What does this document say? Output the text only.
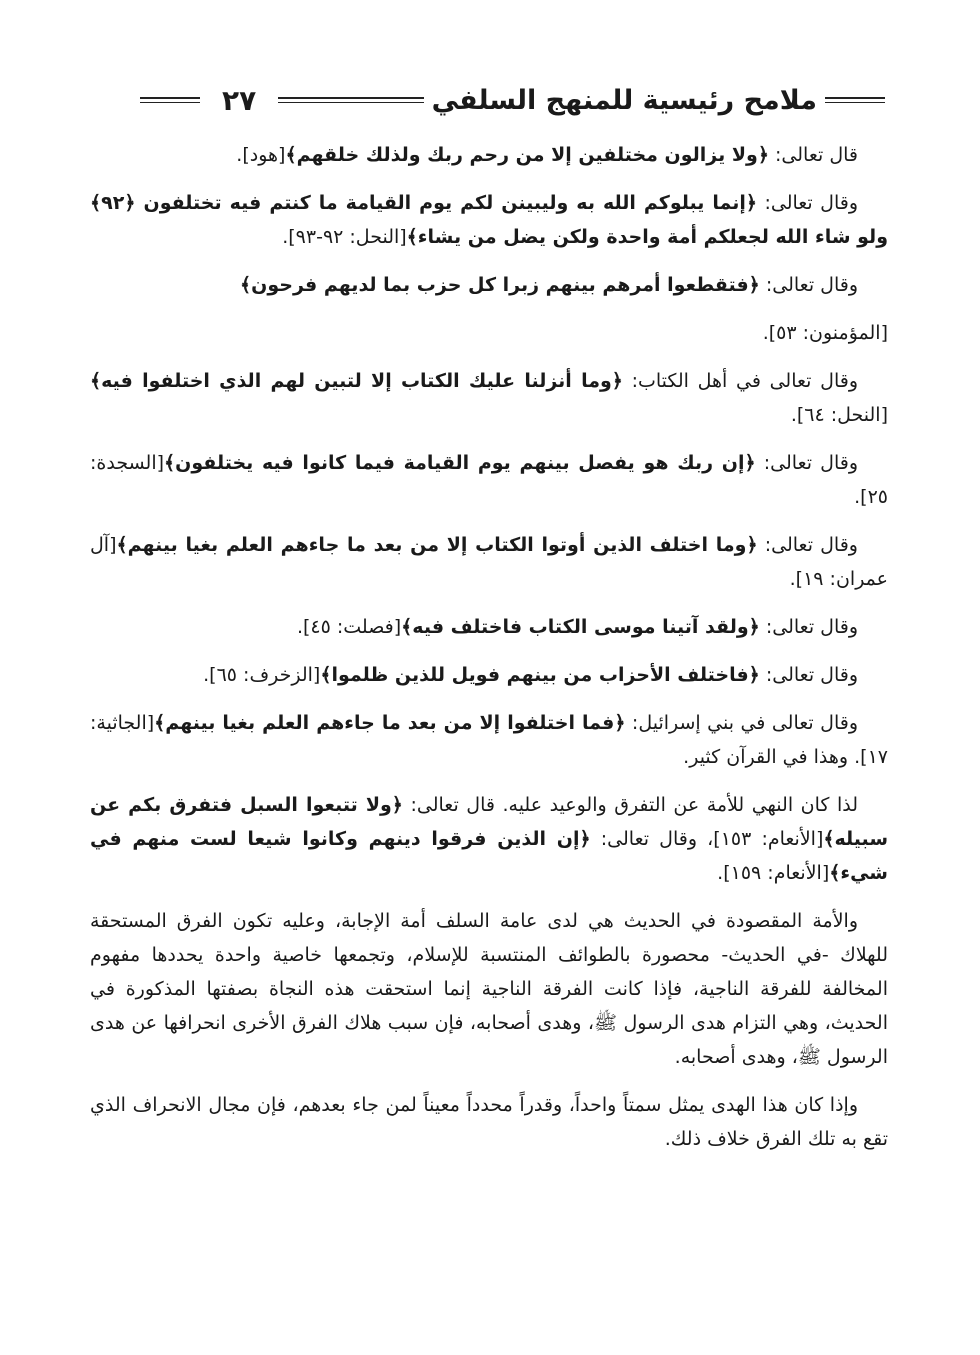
ملامح رئيسية للمنهج السلفي
٢٧

قال تعالى: ﴿ولا يزالون مختلفين إلا من رحم ربك ولذلك خلقهم﴾[هود].

وقال تعالى: ﴿إنما يبلوكم الله به وليبينن لكم يوم القيامة ما كنتم فيه تختلفون ﴿٩٢﴾ ولو شاء الله لجعلكم أمة واحدة ولكن يضل من يشاء﴾[النحل: ٩٢-٩٣].

وقال تعالى: ﴿فتقطعوا أمرهم بينهم زبرا كل حزب بما لديهم فرحون﴾

[المؤمنون: ٥٣].

وقال تعالى في أهل الكتاب: ﴿وما أنزلنا عليك الكتاب إلا لتبين لهم الذي اختلفوا فيه﴾[النحل: ٦٤].

وقال تعالى: ﴿إن ربك هو يفصل بينهم يوم القيامة فيما كانوا فيه يختلفون﴾[السجدة: ٢٥].

وقال تعالى: ﴿وما اختلف الذين أوتوا الكتاب إلا من بعد ما جاءهم العلم بغيا بينهم﴾[آل عمران: ١٩].

وقال تعالى: ﴿ولقد آتينا موسى الكتاب فاختلف فيه﴾[فصلت: ٤٥].

وقال تعالى: ﴿فاختلف الأحزاب من بينهم فويل للذين ظلموا﴾[الزخرف: ٦٥].

وقال تعالى في بني إسرائيل: ﴿فما اختلفوا إلا من بعد ما جاءهم العلم بغيا بينهم﴾[الجاثية: ١٧]. وهذا في القرآن كثير.

لذا كان النهي للأمة عن التفرق والوعيد عليه. قال تعالى: ﴿ولا تتبعوا السبل فتفرق بكم عن سبيله﴾[الأنعام: ١٥٣]، وقال تعالى: ﴿إن الذين فرقوا دينهم وكانوا شيعا لست منهم في شيء﴾[الأنعام: ١٥٩].

والأمة المقصودة في الحديث هي لدى عامة السلف أمة الإجابة، وعليه تكون الفرق المستحقة للهلاك -في الحديث- محصورة بالطوائف المنتسبة للإسلام، وتجمعها خاصية واحدة يحددها مفهوم المخالفة للفرقة الناجية، فإذا كانت الفرقة الناجية إنما استحقت هذه النجاة بصفتها المذكورة في الحديث، وهي التزام هدى الرسول ﷺ، وهدى أصحابه، فإن سبب هلاك الفرق الأخرى انحرافها عن هدى الرسول ﷺ، وهدى أصحابه.

وإذا كان هذا الهدى يمثل سمتاً واحداً، وقدراً محدداً معيناً لمن جاء بعدهم، فإن مجال الانحراف الذي تقع به تلك الفرق خلاف ذلك.
